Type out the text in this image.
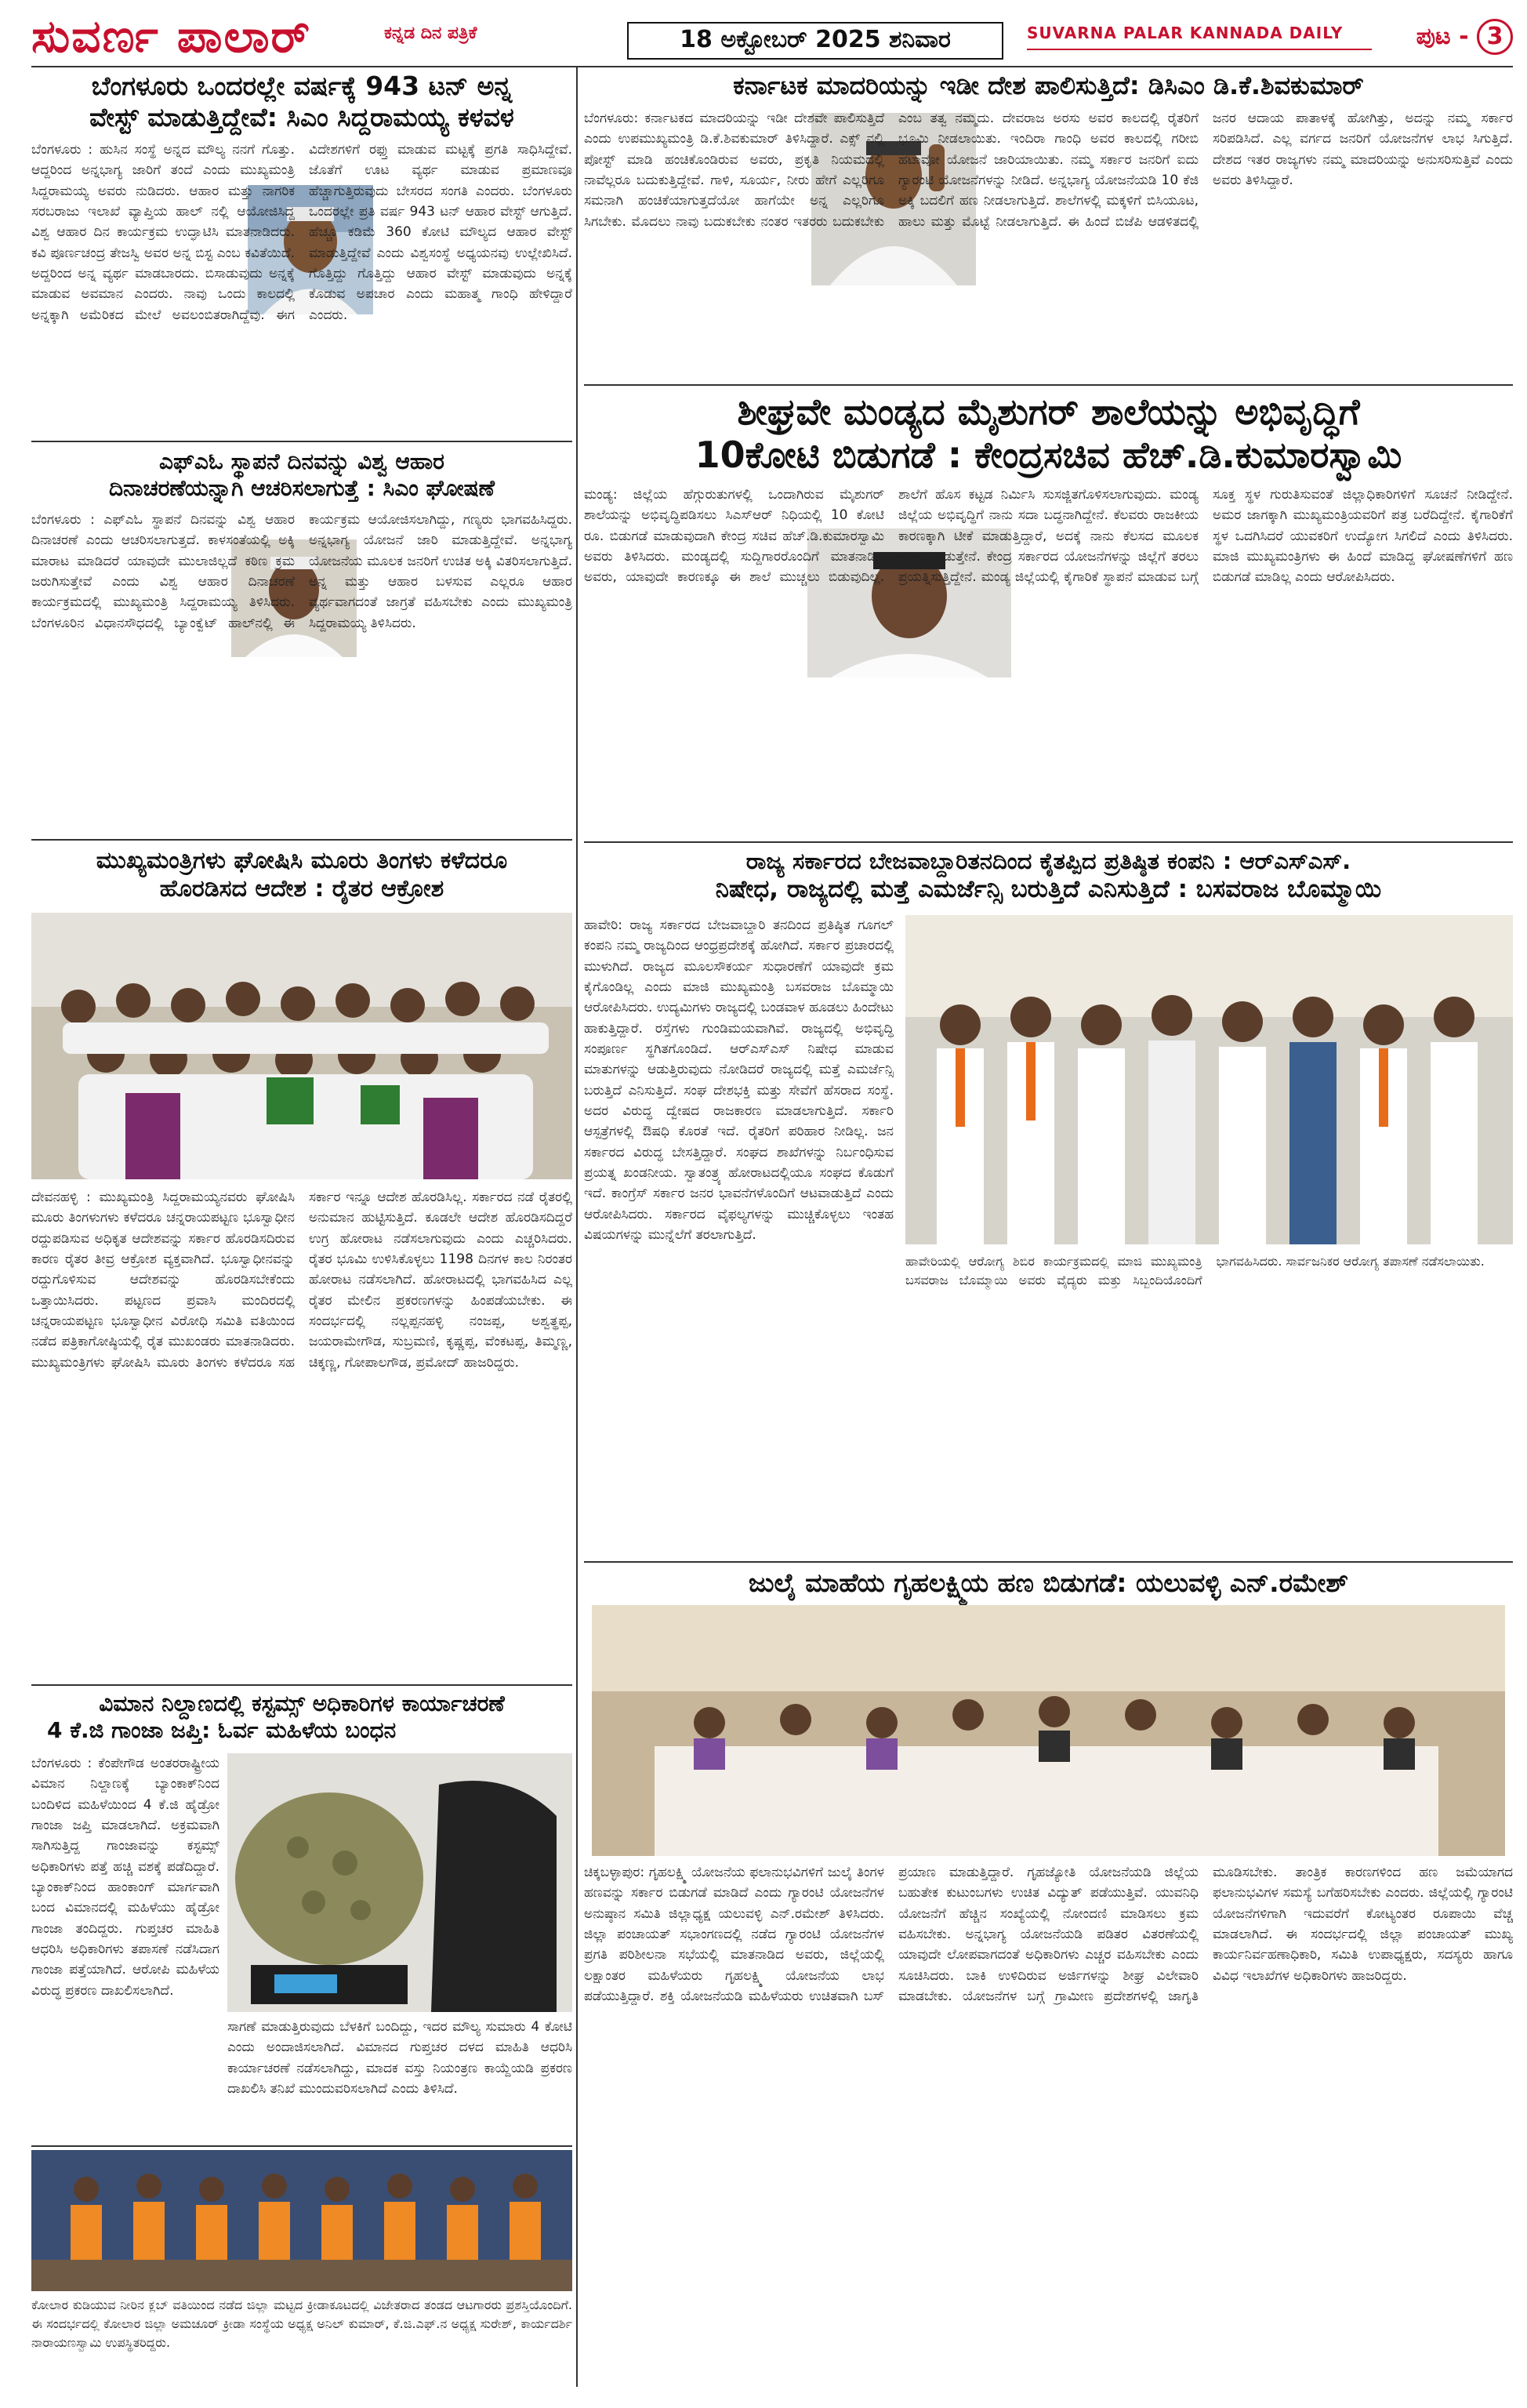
ಸುವರ್ಣ ಪಾಲಾರ್	ಕನ್ನಡ ದಿನ ಪತ್ರಿಕೆ	18 ಅಕ್ಟೋಬರ್ 2025 ಶನಿವಾರ	SUVARNA PALAR KANNADA DAILY	ಪುಟ - 3
ಬೆಂಗಳೂರು ಒಂದರಲ್ಲೇ ವರ್ಷಕ್ಕೆ 943 ಟನ್ ಅನ್ನ
ವೇಸ್ಟ್ ಮಾಡುತ್ತಿದ್ದೇವೆ: ಸಿಎಂ ಸಿದ್ದರಾಮಯ್ಯ ಕಳವಳ
ಬೆಂಗಳೂರು : ಹುಸಿನ ಸಂಸ್ಥೆ ಅನ್ನದ ಮೌಲ್ಯ ನನಗೆ ಗೊತ್ತು. ಆದ್ದರಿಂದ ಅನ್ನಭಾಗ್ಯ ಜಾರಿಗೆ ತಂದೆ ಎಂದು ಮುಖ್ಯಮಂತ್ರಿ ಸಿದ್ದರಾಮಯ್ಯ ಅವರು ನುಡಿದರು. ಆಹಾರ ಮತ್ತು ನಾಗರಿಕ ಸರಬರಾಜು ಇಲಾಖೆ ವ್ಯಾಪ್ತಿಯ ಹಾಲ್ ನಲ್ಲಿ ಆಯೋಜಿಸಿದ್ದ ವಿಶ್ವ ಆಹಾರ ದಿನ ಕಾರ್ಯಕ್ರಮ ಉದ್ಘಾಟಿಸಿ ಮಾತನಾಡಿದರು. ಕವಿ ಪೂರ್ಣಚಂದ್ರ ತೇಜಸ್ವಿ ಅವರ ಅನ್ನ ಬಿಸ್ಟ ಎಂಬ ಕವಿತೆಯಿದೆ. ಅದ್ದರಿಂದ ಅನ್ನ ವ್ಯರ್ಥ ಮಾಡಬಾರದು. ಬಿಸಾಡುವುದು ಅನ್ನಕ್ಕೆ ಮಾಡುವ ಅವಮಾನ ಎಂದರು. ನಾವು ಒಂದು ಕಾಲದಲ್ಲಿ ಅನ್ನಕ್ಕಾಗಿ ಅಮೆರಿಕದ ಮೇಲೆ ಅವಲಂಬಿತರಾಗಿದ್ದೆವು. ಈಗ ವಿದೇಶಗಳಿಗೆ ರಫ್ತು ಮಾಡುವ ಮಟ್ಟಕ್ಕೆ ಪ್ರಗತಿ ಸಾಧಿಸಿದ್ದೇವೆ. ಜೊತೆಗೆ ಊಟ ವ್ಯರ್ಥ ಮಾಡುವ ಪ್ರಮಾಣವೂ ಹೆಚ್ಚಾಗುತ್ತಿರುವುದು ಬೇಸರದ ಸಂಗತಿ ಎಂದರು. ಬೆಂಗಳೂರು ಒಂದರಲ್ಲೇ ಪ್ರತಿ ವರ್ಷ 943 ಟನ್ ಆಹಾರ ವೇಸ್ಟ್ ಆಗುತ್ತಿದೆ. ಹೆಚ್ಚೂ ಕಡಿಮೆ 360 ಕೋಟಿ ಮೌಲ್ಯದ ಆಹಾರ ವೇಸ್ಟ್ ಮಾಡುತ್ತಿದ್ದೇವೆ ಎಂದು ವಿಶ್ವಸಂಸ್ಥೆ ಅಧ್ಯಯನವು ಉಲ್ಲೇಖಿಸಿದೆ. ಗೊತ್ತಿದ್ದು ಗೊತ್ತಿದ್ದು ಆಹಾರ ವೇಸ್ಟ್ ಮಾಡುವುದು ಅನ್ನಕ್ಕೆ ಕೊಡುವ ಅಪಚಾರ ಎಂದು ಮಹಾತ್ಮ ಗಾಂಧಿ ಹೇಳಿದ್ದಾರೆ ಎಂದರು.
ಎಫ್‌ಎಓ ಸ್ಥಾಪನೆ ದಿನವನ್ನು ವಿಶ್ವ ಆಹಾರ
ದಿನಾಚರಣೆಯನ್ನಾಗಿ ಆಚರಿಸಲಾಗುತ್ತೆ : ಸಿಎಂ ಘೋಷಣೆ
ಬೆಂಗಳೂರು : ಎಫ್‌ಎಓ ಸ್ಥಾಪನೆ ದಿನವನ್ನು ವಿಶ್ವ ಆಹಾರ ದಿನಾಚರಣೆ ಎಂದು ಆಚರಿಸಲಾಗುತ್ತದೆ. ಕಾಳಸಂತೆಯಲ್ಲಿ ಅಕ್ಕಿ ಮಾರಾಟ ಮಾಡಿದರೆ ಯಾವುದೇ ಮುಲಾಜಿಲ್ಲದೆ ಕಠಿಣ ಕ್ರಮ ಜರುಗಿಸುತ್ತೇವೆ ಎಂದು ವಿಶ್ವ ಆಹಾರ ದಿನಾಚರಣೆ ಕಾರ್ಯಕ್ರಮದಲ್ಲಿ ಮುಖ್ಯಮಂತ್ರಿ ಸಿದ್ದರಾಮಯ್ಯ ತಿಳಿಸಿದರು. ಬೆಂಗಳೂರಿನ ವಿಧಾನಸೌಧದಲ್ಲಿ ಬ್ಯಾಂಕ್ವೆಟ್ ಹಾಲ್‌ನಲ್ಲಿ ಈ ಕಾರ್ಯಕ್ರಮ ಆಯೋಜಿಸಲಾಗಿದ್ದು, ಗಣ್ಯರು ಭಾಗವಹಿಸಿದ್ದರು. ಅನ್ನಭಾಗ್ಯ ಯೋಜನೆ ಜಾರಿ ಮಾಡುತ್ತಿದ್ದೇವೆ. ಅನ್ನಭಾಗ್ಯ ಯೋಜನೆಯ ಮೂಲಕ ಜನರಿಗೆ ಉಚಿತ ಅಕ್ಕಿ ವಿತರಿಸಲಾಗುತ್ತಿದೆ. ಅನ್ನ ಮತ್ತು ಆಹಾರ ಬಳಸುವ ಎಲ್ಲರೂ ಆಹಾರ ವ್ಯರ್ಥವಾಗದಂತೆ ಜಾಗ್ರತೆ ವಹಿಸಬೇಕು ಎಂದು ಮುಖ್ಯಮಂತ್ರಿ ಸಿದ್ದರಾಮಯ್ಯ ತಿಳಿಸಿದರು.
ಮುಖ್ಯಮಂತ್ರಿಗಳು ಘೋಷಿಸಿ ಮೂರು ತಿಂಗಳು ಕಳೆದರೂ
ಹೊರಡಿಸದ ಆದೇಶ : ರೈತರ ಆಕ್ರೋಶ
ದೇವನಹಳ್ಳಿ : ಮುಖ್ಯಮಂತ್ರಿ ಸಿದ್ದರಾಮಯ್ಯನವರು ಘೋಷಿಸಿ ಮೂರು ತಿಂಗಳುಗಳು ಕಳೆದರೂ ಚನ್ನರಾಯಪಟ್ಟಣ ಭೂಸ್ವಾಧೀನ ರದ್ದುಪಡಿಸುವ ಅಧಿಕೃತ ಆದೇಶವನ್ನು ಸರ್ಕಾರ ಹೊರಡಿಸದಿರುವ ಕಾರಣ ರೈತರ ತೀವ್ರ ಆಕ್ರೋಶ ವ್ಯಕ್ತವಾಗಿದೆ. ಭೂಸ್ವಾಧೀನವನ್ನು ರದ್ದುಗೊಳಿಸುವ ಆದೇಶವನ್ನು ಹೊರಡಿಸಬೇಕೆಂದು ಒತ್ತಾಯಿಸಿದರು. ಪಟ್ಟಣದ ಪ್ರವಾಸಿ ಮಂದಿರದಲ್ಲಿ ಚನ್ನರಾಯಪಟ್ಟಣ ಭೂಸ್ವಾಧೀನ ವಿರೋಧಿ ಸಮಿತಿ ವತಿಯಿಂದ ನಡೆದ ಪತ್ರಿಕಾಗೋಷ್ಠಿಯಲ್ಲಿ ರೈತ ಮುಖಂಡರು ಮಾತನಾಡಿದರು. ಮುಖ್ಯಮಂತ್ರಿಗಳು ಘೋಷಿಸಿ ಮೂರು ತಿಂಗಳು ಕಳೆದರೂ ಸಹ ಸರ್ಕಾರ ಇನ್ನೂ ಆದೇಶ ಹೊರಡಿಸಿಲ್ಲ. ಸರ್ಕಾರದ ನಡೆ ರೈತರಲ್ಲಿ ಅನುಮಾನ ಹುಟ್ಟಿಸುತ್ತಿದೆ. ಕೂಡಲೇ ಆದೇಶ ಹೊರಡಿಸದಿದ್ದರೆ ಉಗ್ರ ಹೋರಾಟ ನಡೆಸಲಾಗುವುದು ಎಂದು ಎಚ್ಚರಿಸಿದರು. ರೈತರ ಭೂಮಿ ಉಳಿಸಿಕೊಳ್ಳಲು 1198 ದಿನಗಳ ಕಾಲ ನಿರಂತರ ಹೋರಾಟ ನಡೆಸಲಾಗಿದೆ. ಹೋರಾಟದಲ್ಲಿ ಭಾಗವಹಿಸಿದ ಎಲ್ಲ ರೈತರ ಮೇಲಿನ ಪ್ರಕರಣಗಳನ್ನು ಹಿಂಪಡೆಯಬೇಕು. ಈ ಸಂದರ್ಭದಲ್ಲಿ ನಲ್ಲಪ್ಪನಹಳ್ಳಿ ನಂಜಪ್ಪ, ಅಶ್ವತ್ಥಪ್ಪ, ಜಯರಾಮೇಗೌಡ, ಸುಬ್ರಮಣಿ, ಕೃಷ್ಣಪ್ಪ, ವೆಂಕಟಪ್ಪ, ತಿಮ್ಮಣ್ಣ, ಚಿಕ್ಕಣ್ಣ, ಗೋಪಾಲಗೌಡ, ಪ್ರಮೋದ್ ಹಾಜರಿದ್ದರು.
ವಿಮಾನ ನಿಲ್ದಾಣದಲ್ಲಿ ಕಸ್ಟಮ್ಸ್ ಅಧಿಕಾರಿಗಳ ಕಾರ್ಯಾಚರಣೆ
4 ಕೆ.ಜಿ ಗಾಂಜಾ ಜಪ್ತಿ: ಓರ್ವ ಮಹಿಳೆಯ ಬಂಧನ
ಬೆಂಗಳೂರು : ಕೆಂಪೇಗೌಡ ಅಂತರರಾಷ್ಟ್ರೀಯ ವಿಮಾನ ನಿಲ್ದಾಣಕ್ಕೆ ಬ್ಯಾಂಕಾಕ್‌ನಿಂದ ಬಂದಿಳಿದ ಮಹಿಳೆಯಿಂದ 4 ಕೆ.ಜಿ ಹೈಡ್ರೋ ಗಾಂಜಾ ಜಪ್ತಿ ಮಾಡಲಾಗಿದೆ. ಅಕ್ರಮವಾಗಿ ಸಾಗಿಸುತ್ತಿದ್ದ ಗಾಂಜಾವನ್ನು ಕಸ್ಟಮ್ಸ್ ಅಧಿಕಾರಿಗಳು ಪತ್ತೆ ಹಚ್ಚಿ ವಶಕ್ಕೆ ಪಡೆದಿದ್ದಾರೆ. ಬ್ಯಾಂಕಾಕ್‌ನಿಂದ ಹಾಂಕಾಂಗ್ ಮಾರ್ಗವಾಗಿ ಬಂದ ವಿಮಾನದಲ್ಲಿ ಮಹಿಳೆಯು ಹೈಡ್ರೋ ಗಾಂಜಾ ತಂದಿದ್ದರು. ಗುಪ್ತಚರ ಮಾಹಿತಿ ಆಧರಿಸಿ ಅಧಿಕಾರಿಗಳು ತಪಾಸಣೆ ನಡೆಸಿದಾಗ ಗಾಂಜಾ ಪತ್ತೆಯಾಗಿದೆ. ಆರೋಪಿ ಮಹಿಳೆಯ ವಿರುದ್ಧ ಪ್ರಕರಣ ದಾಖಲಿಸಲಾಗಿದೆ.
ಸಾಗಣೆ ಮಾಡುತ್ತಿರುವುದು ಬೆಳಕಿಗೆ ಬಂದಿದ್ದು, ಇದರ ಮೌಲ್ಯ ಸುಮಾರು 4 ಕೋಟಿ ಎಂದು ಅಂದಾಜಿಸಲಾಗಿದೆ. ವಿಮಾನದ ಗುಪ್ತಚರ ದಳದ ಮಾಹಿತಿ ಆಧರಿಸಿ ಕಾರ್ಯಾಚರಣೆ ನಡೆಸಲಾಗಿದ್ದು, ಮಾದಕ ವಸ್ತು ನಿಯಂತ್ರಣ ಕಾಯ್ದೆಯಡಿ ಪ್ರಕರಣ ದಾಖಲಿಸಿ ತನಿಖೆ ಮುಂದುವರಿಸಲಾಗಿದೆ ಎಂದು ತಿಳಿಸಿದೆ.
ಕೋಲಾರ ಕುಡಿಯುವ ನೀರಿನ ಕ್ಲಬ್ ವತಿಯಿಂದ ನಡೆದ ಜಿಲ್ಲಾ ಮಟ್ಟದ ಕ್ರೀಡಾಕೂಟದಲ್ಲಿ ವಿಜೇತರಾದ ತಂಡದ ಆಟಗಾರರು ಪ್ರಶಸ್ತಿಯೊಂದಿಗೆ. ಈ ಸಂದರ್ಭದಲ್ಲಿ ಕೋಲಾರ ಜಿಲ್ಲಾ ಅಮಚೂರ್ ಕ್ರೀಡಾ ಸಂಸ್ಥೆಯ ಅಧ್ಯಕ್ಷ ಅನಿಲ್ ಕುಮಾರ್, ಕೆ.ಜಿ.ಎಫ್.ನ ಅಧ್ಯಕ್ಷ ಸುರೇಶ್, ಕಾರ್ಯದರ್ಶಿ ನಾರಾಯಣಸ್ವಾಮಿ ಉಪಸ್ಥಿತರಿದ್ದರು.
ಕರ್ನಾಟಕ ಮಾದರಿಯನ್ನು ಇಡೀ ದೇಶ ಪಾಲಿಸುತ್ತಿದೆ: ಡಿಸಿಎಂ ಡಿ.ಕೆ.ಶಿವಕುಮಾರ್
ಬೆಂಗಳೂರು: ಕರ್ನಾಟಕದ ಮಾದರಿಯನ್ನು ಇಡೀ ದೇಶವೇ ಪಾಲಿಸುತ್ತಿದೆ ಎಂದು ಉಪಮುಖ್ಯಮಂತ್ರಿ ಡಿ.ಕೆ.ಶಿವಕುಮಾರ್ ತಿಳಿಸಿದ್ದಾರೆ. ಎಕ್ಸ್ ನಲ್ಲಿ ಪೋಸ್ಟ್ ಮಾಡಿ ಹಂಚಿಕೊಂಡಿರುವ ಅವರು, ಪ್ರಕೃತಿ ನಿಯಮದಲ್ಲಿ ನಾವೆಲ್ಲರೂ ಬದುಕುತ್ತಿದ್ದೇವೆ. ಗಾಳಿ, ಸೂರ್ಯ, ನೀರು ಹೇಗೆ ಎಲ್ಲರಿಗೂ ಸಮನಾಗಿ ಹಂಚಿಕೆಯಾಗುತ್ತದೆಯೋ ಹಾಗೆಯೇ ಅನ್ನ ಎಲ್ಲರಿಗೂ ಸಿಗಬೇಕು. ಮೊದಲು ನಾವು ಬದುಕಬೇಕು ನಂತರ ಇತರರು ಬದುಕಬೇಕು ಎಂಬ ತತ್ವ ನಮ್ಮದು. ದೇವರಾಜ ಅರಸು ಅವರ ಕಾಲದಲ್ಲಿ ರೈತರಿಗೆ ಭೂಮಿ ನೀಡಲಾಯಿತು. ಇಂದಿರಾ ಗಾಂಧಿ ಅವರ ಕಾಲದಲ್ಲಿ ಗರೀಬಿ ಹಟಾವೋ ಯೋಜನೆ ಜಾರಿಯಾಯಿತು. ನಮ್ಮ ಸರ್ಕಾರ ಜನರಿಗೆ ಐದು ಗ್ಯಾರಂಟಿ ಯೋಜನೆಗಳನ್ನು ನೀಡಿದೆ. ಅನ್ನಭಾಗ್ಯ ಯೋಜನೆಯಡಿ 10 ಕೆಜಿ ಅಕ್ಕಿ ಬದಲಿಗೆ ಹಣ ನೀಡಲಾಗುತ್ತಿದೆ. ಶಾಲೆಗಳಲ್ಲಿ ಮಕ್ಕಳಿಗೆ ಬಿಸಿಯೂಟ, ಹಾಲು ಮತ್ತು ಮೊಟ್ಟೆ ನೀಡಲಾಗುತ್ತಿದೆ. ಈ ಹಿಂದೆ ಬಿಜೆಪಿ ಆಡಳಿತದಲ್ಲಿ ಜನರ ಆದಾಯ ಪಾತಾಳಕ್ಕೆ ಹೋಗಿತ್ತು, ಅದನ್ನು ನಮ್ಮ ಸರ್ಕಾರ ಸರಿಪಡಿಸಿದೆ. ಎಲ್ಲ ವರ್ಗದ ಜನರಿಗೆ ಯೋಜನೆಗಳ ಲಾಭ ಸಿಗುತ್ತಿದೆ. ದೇಶದ ಇತರ ರಾಜ್ಯಗಳು ನಮ್ಮ ಮಾದರಿಯನ್ನು ಅನುಸರಿಸುತ್ತಿವೆ ಎಂದು ಅವರು ತಿಳಿಸಿದ್ದಾರೆ.
ಶೀಘ್ರವೇ ಮಂಡ್ಯದ ಮೈಶುಗರ್ ಶಾಲೆಯನ್ನು ಅಭಿವೃದ್ಧಿಗೆ
10ಕೋಟಿ ಬಿಡುಗಡೆ : ಕೇಂದ್ರಸಚಿವ ಹೆಚ್.ಡಿ.ಕುಮಾರಸ್ವಾಮಿ
ಮಂಡ್ಯ: ಜಿಲ್ಲೆಯ ಹೆಗ್ಗುರುತುಗಳಲ್ಲಿ ಒಂದಾಗಿರುವ ಮೈಶುಗರ್ ಶಾಲೆಯನ್ನು ಅಭಿವೃದ್ಧಿಪಡಿಸಲು ಸಿಎಸ್‌ಆರ್ ನಿಧಿಯಲ್ಲಿ 10 ಕೋಟಿ ರೂ. ಬಿಡುಗಡೆ ಮಾಡುವುದಾಗಿ ಕೇಂದ್ರ ಸಚಿವ ಹೆಚ್.ಡಿ.ಕುಮಾರಸ್ವಾಮಿ ಅವರು ತಿಳಿಸಿದರು. ಮಂಡ್ಯದಲ್ಲಿ ಸುದ್ದಿಗಾರರೊಂದಿಗೆ ಮಾತನಾಡಿದ ಅವರು, ಯಾವುದೇ ಕಾರಣಕ್ಕೂ ಈ ಶಾಲೆ ಮುಚ್ಚಲು ಬಿಡುವುದಿಲ್ಲ. ಶಾಲೆಗೆ ಹೊಸ ಕಟ್ಟಡ ನಿರ್ಮಿಸಿ ಸುಸಜ್ಜಿತಗೊಳಿಸಲಾಗುವುದು. ಮಂಡ್ಯ ಜಿಲ್ಲೆಯ ಅಭಿವೃದ್ಧಿಗೆ ನಾನು ಸದಾ ಬದ್ಧನಾಗಿದ್ದೇನೆ. ಕೆಲವರು ರಾಜಕೀಯ ಕಾರಣಕ್ಕಾಗಿ ಟೀಕೆ ಮಾಡುತ್ತಿದ್ದಾರೆ, ಅದಕ್ಕೆ ನಾನು ಕೆಲಸದ ಮೂಲಕ ಉತ್ತರ ನೀಡುತ್ತೇನೆ. ಕೇಂದ್ರ ಸರ್ಕಾರದ ಯೋಜನೆಗಳನ್ನು ಜಿಲ್ಲೆಗೆ ತರಲು ಪ್ರಯತ್ನಿಸುತ್ತಿದ್ದೇನೆ. ಮಂಡ್ಯ ಜಿಲ್ಲೆಯಲ್ಲಿ ಕೈಗಾರಿಕೆ ಸ್ಥಾಪನೆ ಮಾಡುವ ಬಗ್ಗೆ ಸೂಕ್ತ ಸ್ಥಳ ಗುರುತಿಸುವಂತೆ ಜಿಲ್ಲಾಧಿಕಾರಿಗಳಿಗೆ ಸೂಚನೆ ನೀಡಿದ್ದೇನೆ. ಅಮರ ಜಾಗಕ್ಕಾಗಿ ಮುಖ್ಯಮಂತ್ರಿಯವರಿಗೆ ಪತ್ರ ಬರೆದಿದ್ದೇನೆ. ಕೈಗಾರಿಕೆಗೆ ಸ್ಥಳ ಒದಗಿಸಿದರೆ ಯುವಕರಿಗೆ ಉದ್ಯೋಗ ಸಿಗಲಿದೆ ಎಂದು ತಿಳಿಸಿದರು. ಮಾಜಿ ಮುಖ್ಯಮಂತ್ರಿಗಳು ಈ ಹಿಂದೆ ಮಾಡಿದ್ದ ಘೋಷಣೆಗಳಿಗೆ ಹಣ ಬಿಡುಗಡೆ ಮಾಡಿಲ್ಲ ಎಂದು ಆರೋಪಿಸಿದರು.
ರಾಜ್ಯ ಸರ್ಕಾರದ ಬೇಜವಾಬ್ದಾರಿತನದಿಂದ ಕೈತಪ್ಪಿದ ಪ್ರತಿಷ್ಠಿತ ಕಂಪನಿ : ಆರ್‌ಎಸ್‌ಎಸ್.
ನಿಷೇಧ, ರಾಜ್ಯದಲ್ಲಿ ಮತ್ತೆ ಎಮರ್ಜೆನ್ಸಿ ಬರುತ್ತಿದೆ ಎನಿಸುತ್ತಿದೆ : ಬಸವರಾಜ ಬೊಮ್ಮಾಯಿ
ಹಾವೇರಿ: ರಾಜ್ಯ ಸರ್ಕಾರದ ಬೇಜವಾಬ್ದಾರಿ ತನದಿಂದ ಪ್ರತಿಷ್ಠಿತ ಗೂಗಲ್ ಕಂಪನಿ ನಮ್ಮ ರಾಜ್ಯದಿಂದ ಆಂಧ್ರಪ್ರದೇಶಕ್ಕೆ ಹೋಗಿದೆ. ಸರ್ಕಾರ ಪ್ರಚಾರದಲ್ಲಿ ಮುಳುಗಿದೆ. ರಾಜ್ಯದ ಮೂಲಸೌಕರ್ಯ ಸುಧಾರಣೆಗೆ ಯಾವುದೇ ಕ್ರಮ ಕೈಗೊಂಡಿಲ್ಲ ಎಂದು ಮಾಜಿ ಮುಖ್ಯಮಂತ್ರಿ ಬಸವರಾಜ ಬೊಮ್ಮಾಯಿ ಆರೋಪಿಸಿದರು. ಉದ್ಯಮಿಗಳು ರಾಜ್ಯದಲ್ಲಿ ಬಂಡವಾಳ ಹೂಡಲು ಹಿಂದೇಟು ಹಾಕುತ್ತಿದ್ದಾರೆ. ರಸ್ತೆಗಳು ಗುಂಡಿಮಯವಾಗಿವೆ. ರಾಜ್ಯದಲ್ಲಿ ಅಭಿವೃದ್ಧಿ ಸಂಪೂರ್ಣ ಸ್ಥಗಿತಗೊಂಡಿದೆ. ಆರ್‌ಎಸ್‌ಎಸ್ ನಿಷೇಧ ಮಾಡುವ ಮಾತುಗಳನ್ನು ಆಡುತ್ತಿರುವುದು ನೋಡಿದರೆ ರಾಜ್ಯದಲ್ಲಿ ಮತ್ತೆ ಎಮರ್ಜೆನ್ಸಿ ಬರುತ್ತಿದೆ ಎನಿಸುತ್ತಿದೆ. ಸಂಘ ದೇಶಭಕ್ತಿ ಮತ್ತು ಸೇವೆಗೆ ಹೆಸರಾದ ಸಂಸ್ಥೆ. ಅದರ ವಿರುದ್ಧ ದ್ವೇಷದ ರಾಜಕಾರಣ ಮಾಡಲಾಗುತ್ತಿದೆ. ಸರ್ಕಾರಿ ಆಸ್ಪತ್ರೆಗಳಲ್ಲಿ ಔಷಧಿ ಕೊರತೆ ಇದೆ. ರೈತರಿಗೆ ಪರಿಹಾರ ನೀಡಿಲ್ಲ. ಜನ ಸರ್ಕಾರದ ವಿರುದ್ಧ ಬೇಸತ್ತಿದ್ದಾರೆ. ಸಂಘದ ಶಾಖೆಗಳನ್ನು ನಿರ್ಬಂಧಿಸುವ ಪ್ರಯತ್ನ ಖಂಡನೀಯ. ಸ್ವಾತಂತ್ರ್ಯ ಹೋರಾಟದಲ್ಲಿಯೂ ಸಂಘದ ಕೊಡುಗೆ ಇದೆ. ಕಾಂಗ್ರೆಸ್ ಸರ್ಕಾರ ಜನರ ಭಾವನೆಗಳೊಂದಿಗೆ ಆಟವಾಡುತ್ತಿದೆ ಎಂದು ಆರೋಪಿಸಿದರು. ಸರ್ಕಾರದ ವೈಫಲ್ಯಗಳನ್ನು ಮುಚ್ಚಿಕೊಳ್ಳಲು ಇಂತಹ ವಿಷಯಗಳನ್ನು ಮುನ್ನೆಲೆಗೆ ತರಲಾಗುತ್ತಿದೆ.
ಹಾವೇರಿಯಲ್ಲಿ ಆರೋಗ್ಯ ಶಿಬಿರ ಕಾರ್ಯಕ್ರಮದಲ್ಲಿ ಮಾಜಿ ಮುಖ್ಯಮಂತ್ರಿ ಬಸವರಾಜ ಬೊಮ್ಮಾಯಿ ಅವರು ವೈದ್ಯರು ಮತ್ತು ಸಿಬ್ಬಂದಿಯೊಂದಿಗೆ ಭಾಗವಹಿಸಿದರು. ಸಾರ್ವಜನಿಕರ ಆರೋಗ್ಯ ತಪಾಸಣೆ ನಡೆಸಲಾಯಿತು.
ಜುಲೈ ಮಾಹೆಯ ಗೃಹಲಕ್ಷ್ಮಿಯ ಹಣ ಬಿಡುಗಡೆ: ಯಲುವಳ್ಳಿ ಎನ್.ರಮೇಶ್
ಚಿಕ್ಕಬಳ್ಳಾಪುರ: ಗೃಹಲಕ್ಷ್ಮಿ ಯೋಜನೆಯ ಫಲಾನುಭವಿಗಳಿಗೆ ಜುಲೈ ತಿಂಗಳ ಹಣವನ್ನು ಸರ್ಕಾರ ಬಿಡುಗಡೆ ಮಾಡಿದೆ ಎಂದು ಗ್ಯಾರಂಟಿ ಯೋಜನೆಗಳ ಅನುಷ್ಠಾನ ಸಮಿತಿ ಜಿಲ್ಲಾಧ್ಯಕ್ಷ ಯಲುವಳ್ಳಿ ಎನ್.ರಮೇಶ್ ತಿಳಿಸಿದರು. ಜಿಲ್ಲಾ ಪಂಚಾಯತ್ ಸಭಾಂಗಣದಲ್ಲಿ ನಡೆದ ಗ್ಯಾರಂಟಿ ಯೋಜನೆಗಳ ಪ್ರಗತಿ ಪರಿಶೀಲನಾ ಸಭೆಯಲ್ಲಿ ಮಾತನಾಡಿದ ಅವರು, ಜಿಲ್ಲೆಯಲ್ಲಿ ಲಕ್ಷಾಂತರ ಮಹಿಳೆಯರು ಗೃಹಲಕ್ಷ್ಮಿ ಯೋಜನೆಯ ಲಾಭ ಪಡೆಯುತ್ತಿದ್ದಾರೆ. ಶಕ್ತಿ ಯೋಜನೆಯಡಿ ಮಹಿಳೆಯರು ಉಚಿತವಾಗಿ ಬಸ್ ಪ್ರಯಾಣ ಮಾಡುತ್ತಿದ್ದಾರೆ. ಗೃಹಜ್ಯೋತಿ ಯೋಜನೆಯಡಿ ಜಿಲ್ಲೆಯ ಬಹುತೇಕ ಕುಟುಂಬಗಳು ಉಚಿತ ವಿದ್ಯುತ್ ಪಡೆಯುತ್ತಿವೆ. ಯುವನಿಧಿ ಯೋಜನೆಗೆ ಹೆಚ್ಚಿನ ಸಂಖ್ಯೆಯಲ್ಲಿ ನೋಂದಣಿ ಮಾಡಿಸಲು ಕ್ರಮ ವಹಿಸಬೇಕು. ಅನ್ನಭಾಗ್ಯ ಯೋಜನೆಯಡಿ ಪಡಿತರ ವಿತರಣೆಯಲ್ಲಿ ಯಾವುದೇ ಲೋಪವಾಗದಂತೆ ಅಧಿಕಾರಿಗಳು ಎಚ್ಚರ ವಹಿಸಬೇಕು ಎಂದು ಸೂಚಿಸಿದರು. ಬಾಕಿ ಉಳಿದಿರುವ ಅರ್ಜಿಗಳನ್ನು ಶೀಘ್ರ ವಿಲೇವಾರಿ ಮಾಡಬೇಕು. ಯೋಜನೆಗಳ ಬಗ್ಗೆ ಗ್ರಾಮೀಣ ಪ್ರದೇಶಗಳಲ್ಲಿ ಜಾಗೃತಿ ಮೂಡಿಸಬೇಕು. ತಾಂತ್ರಿಕ ಕಾರಣಗಳಿಂದ ಹಣ ಜಮೆಯಾಗದ ಫಲಾನುಭವಿಗಳ ಸಮಸ್ಯೆ ಬಗೆಹರಿಸಬೇಕು ಎಂದರು. ಜಿಲ್ಲೆಯಲ್ಲಿ ಗ್ಯಾರಂಟಿ ಯೋಜನೆಗಳಿಗಾಗಿ ಇದುವರೆಗೆ ಕೋಟ್ಯಂತರ ರೂಪಾಯಿ ವೆಚ್ಚ ಮಾಡಲಾಗಿದೆ. ಈ ಸಂದರ್ಭದಲ್ಲಿ ಜಿಲ್ಲಾ ಪಂಚಾಯತ್ ಮುಖ್ಯ ಕಾರ್ಯನಿರ್ವಹಣಾಧಿಕಾರಿ, ಸಮಿತಿ ಉಪಾಧ್ಯಕ್ಷರು, ಸದಸ್ಯರು ಹಾಗೂ ವಿವಿಧ ಇಲಾಖೆಗಳ ಅಧಿಕಾರಿಗಳು ಹಾಜರಿದ್ದರು.
